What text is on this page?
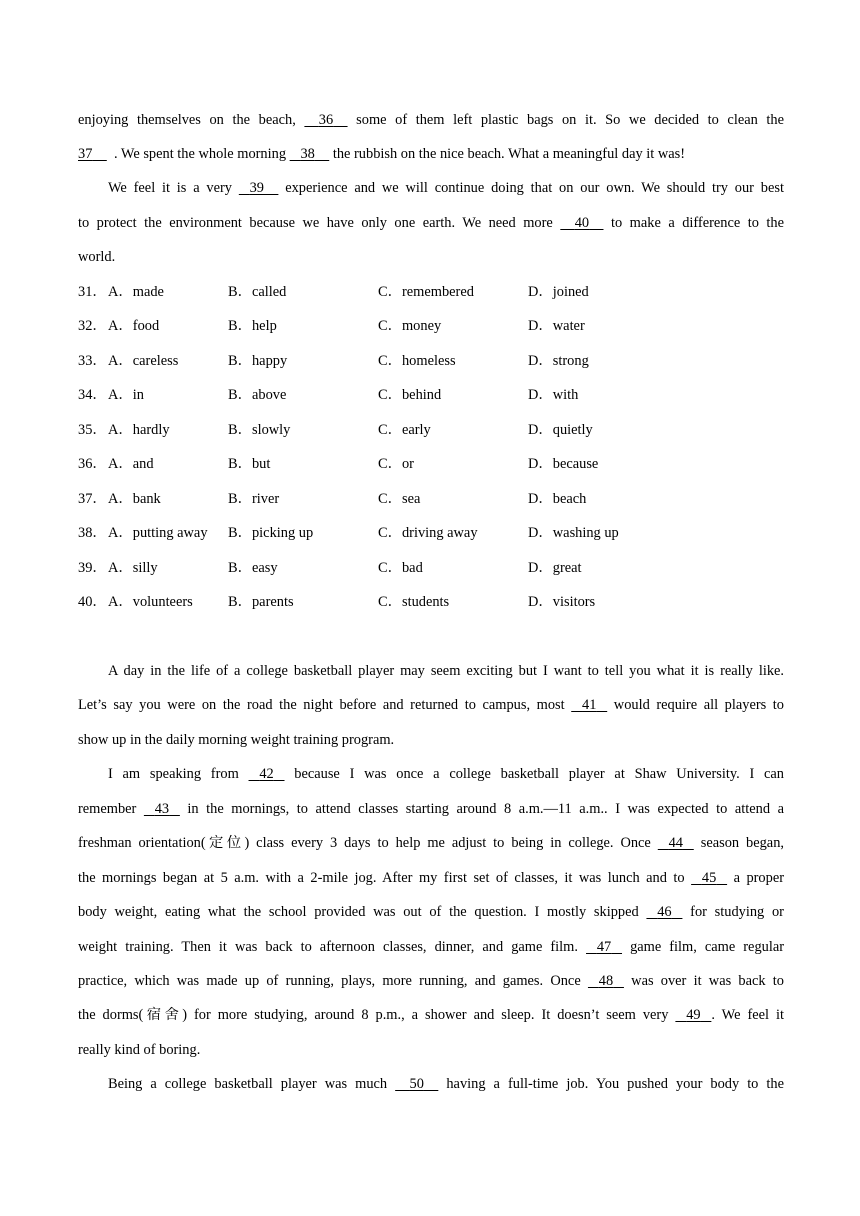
enjoying themselves on the beach, 36 some of them left plastic bags on it. So we decided to clean the
37 . We spent the whole morning 38 the rubbish on the nice beach. What a meaningful day it was!
We feel it is a very 39 experience and we will continue doing that on our own. We should try our best
to protect the environment because we have only one earth. We need more 40 to make a difference to the
world.
31． A．made	B．called	C．remembered	D．joined
32． A．food	B．help	C．money	D．water
33． A．careless	B．happy	C．homeless	D．strong
34． A．in	B．above	C．behind	D．with
35． A．hardly	B．slowly	C．early	D．quietly
36． A．and	B．but	C．or	D．because
37． A．bank	B．river	C．sea	D．beach
38． A．putting away B．picking up	C．driving away	D．washing up
39． A．silly	B．easy	C．bad	D．great
40． A．volunteers B．parents	C．students	D．visitors
A day in the life of a college basketball player may seem exciting but I want to tell you what it is really like.
Let’s say you were on the road the night before and returned to campus, most 41 would require all players to
show up in the daily morning weight training program.
I am speaking from 42 because I was once a college basketball player at Shaw University. I can
remember 43 in the mornings, to attend classes starting around 8 a.m.—11 a.m.. I was expected to attend a
freshman orientation(定位) class every 3 days to help me adjust to being in college. Once 44 season began,
the mornings began at 5 a.m. with a 2-mile jog. After my first set of classes, it was lunch and to 45 a proper
body weight, eating what the school provided was out of the question. I mostly skipped 46 for studying or
weight training. Then it was back to afternoon classes, dinner, and game film. 47 game film, came regular
practice, which was made up of running, plays, more running, and games. Once 48 was over it was back to
the dorms(宿舍) for more studying, around 8 p.m., a shower and sleep. It doesn’t seem very 49 . We feel it
really kind of boring.
Being a college basketball player was much 50 having a full-time job. You pushed your body to the
